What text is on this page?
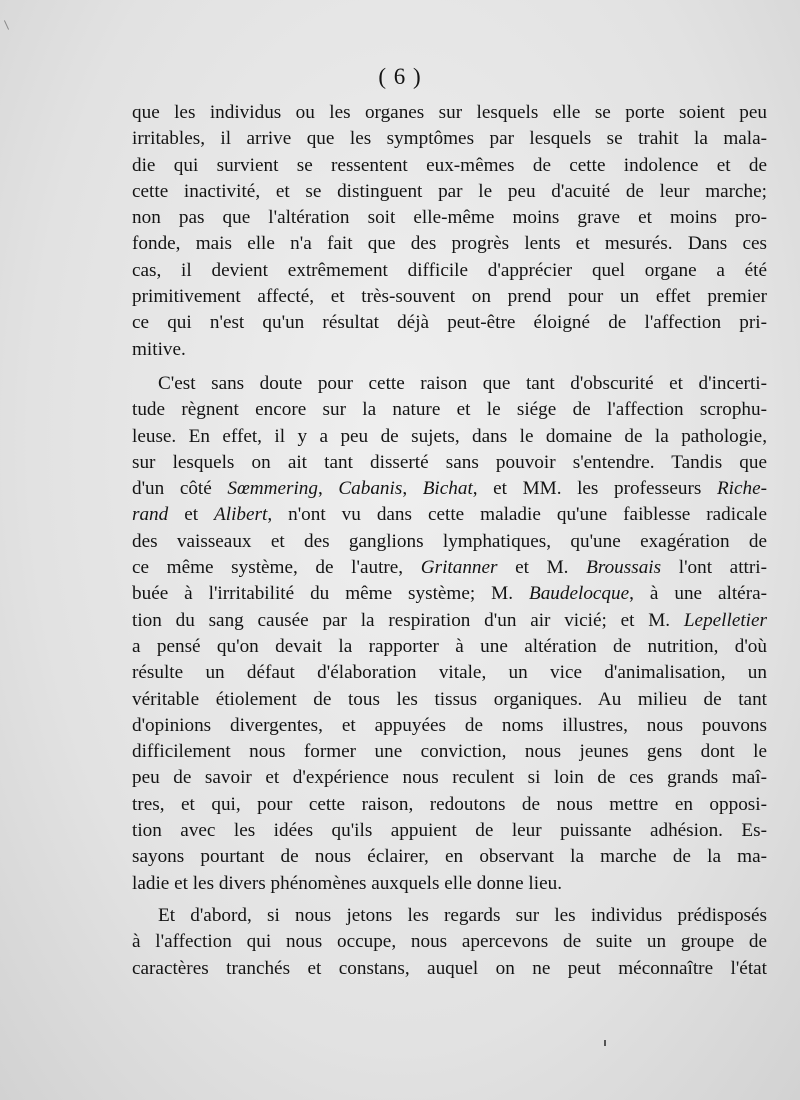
( 6 )

que les individus ou les organes sur lesquels elle se porte soient peu

irritables, il arrive que les symptômes par lesquels se trahit la mala-

die qui survient se ressentent eux-mêmes de cette indolence et de

cette inactivité, et se distinguent par le peu d'acuité de leur marche;

non pas que l'altération soit elle-même moins grave et moins pro-

fonde, mais elle n'a fait que des progrès lents et mesurés. Dans ces

cas, il devient extrêmement difficile d'apprécier quel organe a été

primitivement affecté, et très-souvent on prend pour un effet premier

ce qui n'est qu'un résultat déjà peut-être éloigné de l'affection pri-

mitive.

C'est sans doute pour cette raison que tant d'obscurité et d'incerti-

tude règnent encore sur la nature et le siége de l'affection scrophu-

leuse. En effet, il y a peu de sujets, dans le domaine de la pathologie,

sur lesquels on ait tant disserté sans pouvoir s'entendre. Tandis que

d'un côté Sœmmering, Cabanis, Bichat, et MM. les professeurs Riche-

rand et Alibert, n'ont vu dans cette maladie qu'une faiblesse radicale

des vaisseaux et des ganglions lymphatiques, qu'une exagération de

ce même système, de l'autre, Gritanner et M. Broussais l'ont attri-

buée à l'irritabilité du même système; M. Baudelocque, à une altéra-

tion du sang causée par la respiration d'un air vicié; et M. Lepelletier

a pensé qu'on devait la rapporter à une altération de nutrition, d'où

résulte un défaut d'élaboration vitale, un vice d'animalisation, un

véritable étiolement de tous les tissus organiques. Au milieu de tant

d'opinions divergentes, et appuyées de noms illustres, nous pouvons

difficilement nous former une conviction, nous jeunes gens dont le

peu de savoir et d'expérience nous reculent si loin de ces grands maî-

tres, et qui, pour cette raison, redoutons de nous mettre en opposi-

tion avec les idées qu'ils appuient de leur puissante adhésion. Es-

sayons pourtant de nous éclairer, en observant la marche de la ma-

ladie et les divers phénomènes auxquels elle donne lieu.

Et d'abord, si nous jetons les regards sur les individus prédisposés

à l'affection qui nous occupe, nous apercevons de suite un groupe de

caractères tranchés et constans, auquel on ne peut méconnaître l'état
